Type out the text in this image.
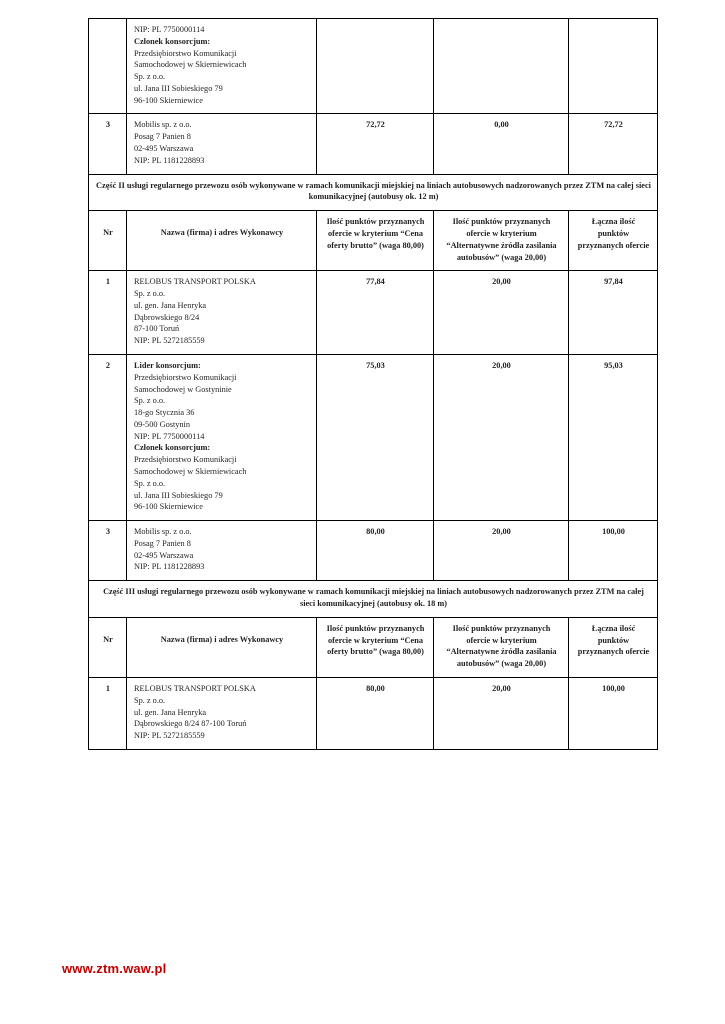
NIP: PL 7750000114
Członek konsorcjum:
Przedsiębiorstwo Komunikacji
Samochodowej w Skierniewicach
Sp. z o.o.
ul. Jana III Sobieskiego 79
96-100 Skierniewice

3	Mobilis sp. z o.o.
Posag 7 Panien 8
02-495 Warszawa
NIP: PL 1181228893	72,72	0,00	72,72
Część II usługi regularnego przewozu osób wykonywane w ramach komunikacji miejskiej na liniach autobusowych nadzorowanych przez ZTM na całej sieci komunikacyjnej (autobusy ok. 12 m)				
Nr	Nazwa (firma) i adres Wykonawcy	Ilość punktów przyznanych ofercie w kryterium “Cena oferty brutto” (waga 80,00)	Ilość punktów przyznanych ofercie w kryterium “Alternatywne źródła zasilania autobusów” (waga 20,00)	Łączna ilość punktów przyznanych ofercie
1	RELOBUS TRANSPORT POLSKA
Sp. z o.o.
ul. gen. Jana Henryka
Dąbrowskiego 8/24
87-100 Toruń
NIP: PL 5272185559
	77,84	20,00	97,84
2	Lider konsorcjum:
Przedsiębiorstwo Komunikacji
Samochodowej w Gostyninie
Sp. z o.o.
18-go Stycznia 36
09-500 Gostynin
NIP: PL 7750000114
Członek konsorcjum:
Przedsiębiorstwo Komunikacji
Samochodowej w Skierniewicach
Sp. z o.o.
ul. Jana III Sobieskiego 79
96-100 Skierniewice
	75,03	20,00	95,03
3	Mobilis sp. z o.o.
Posag 7 Panien 8
02-495 Warszawa
NIP: PL 1181228893	80,00	20,00	100,00
Część III usługi regularnego przewozu osób wykonywane w ramach komunikacji miejskiej na liniach autobusowych nadzorowanych przez ZTM na całej sieci komunikacyjnej (autobusy ok. 18 m)				
Nr	Nazwa (firma) i adres Wykonawcy	Ilość punktów przyznanych ofercie w kryterium “Cena oferty brutto” (waga 80,00)	Ilość punktów przyznanych ofercie w kryterium “Alternatywne źródła zasilania autobusów” (waga 20,00)	Łączna ilość punktów przyznanych ofercie
1	RELOBUS TRANSPORT POLSKA
Sp. z o.o.
ul. gen. Jana Henryka
Dąbrowskiego 8/24 87-100 Toruń
NIP: PL 5272185559	80,00	20,00	100,00
www.ztm.waw.pl
